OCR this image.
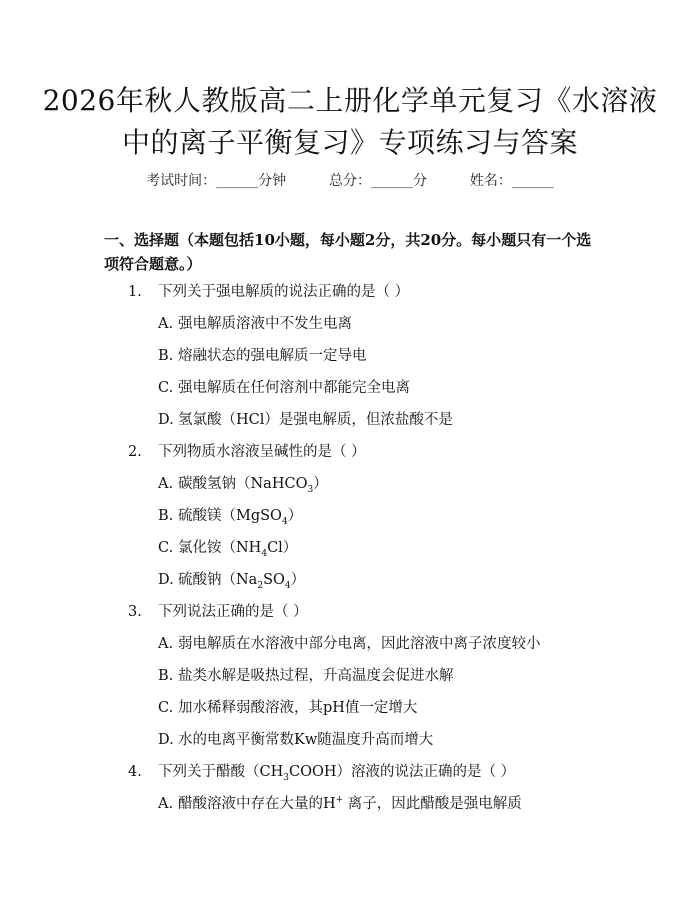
2026年秋人教版高二上册化学单元复习《水溶液中的离子平衡复习》专项练习与答案
考试时间：______分钟	总分：______分	姓名：______
一、选择题（本题包括10小题，每小题2分，共20分。每小题只有一个选项符合题意。）
1. 下列关于强电解质的说法正确的是（ ）
A. 强电解质溶液中不发生电离
B. 熔融状态的强电解质一定导电
C. 强电解质在任何溶剂中都能完全电离
D. 氢氯酸（HCl）是强电解质，但浓盐酸不是
2. 下列物质水溶液呈碱性的是（ ）
A. 碳酸氢钠（NaHCO$_3$）
B. 硫酸镁（MgSO$_4$）
C. 氯化铵$(NH_4Cl)$
D. 硫酸钠$(Na_2SO_4)$
3. 下列说法正确的是（ ）
A. 弱电解质在水溶液中部分电离，因此溶液中离子浓度较小
B. 盐类水解是吸热过程，升高温度会促进水解
C. 加水稀释弱酸溶液，其pH值一定增大
D. 水的电离平衡常数Kw随温度升高而增大
4. 下列关于醋酸$(CH_3COOH)$溶液的说法正确的是（ ）
A. 醋酸溶液中存在大量的H+ 离子，因此醋酸是强电解质
